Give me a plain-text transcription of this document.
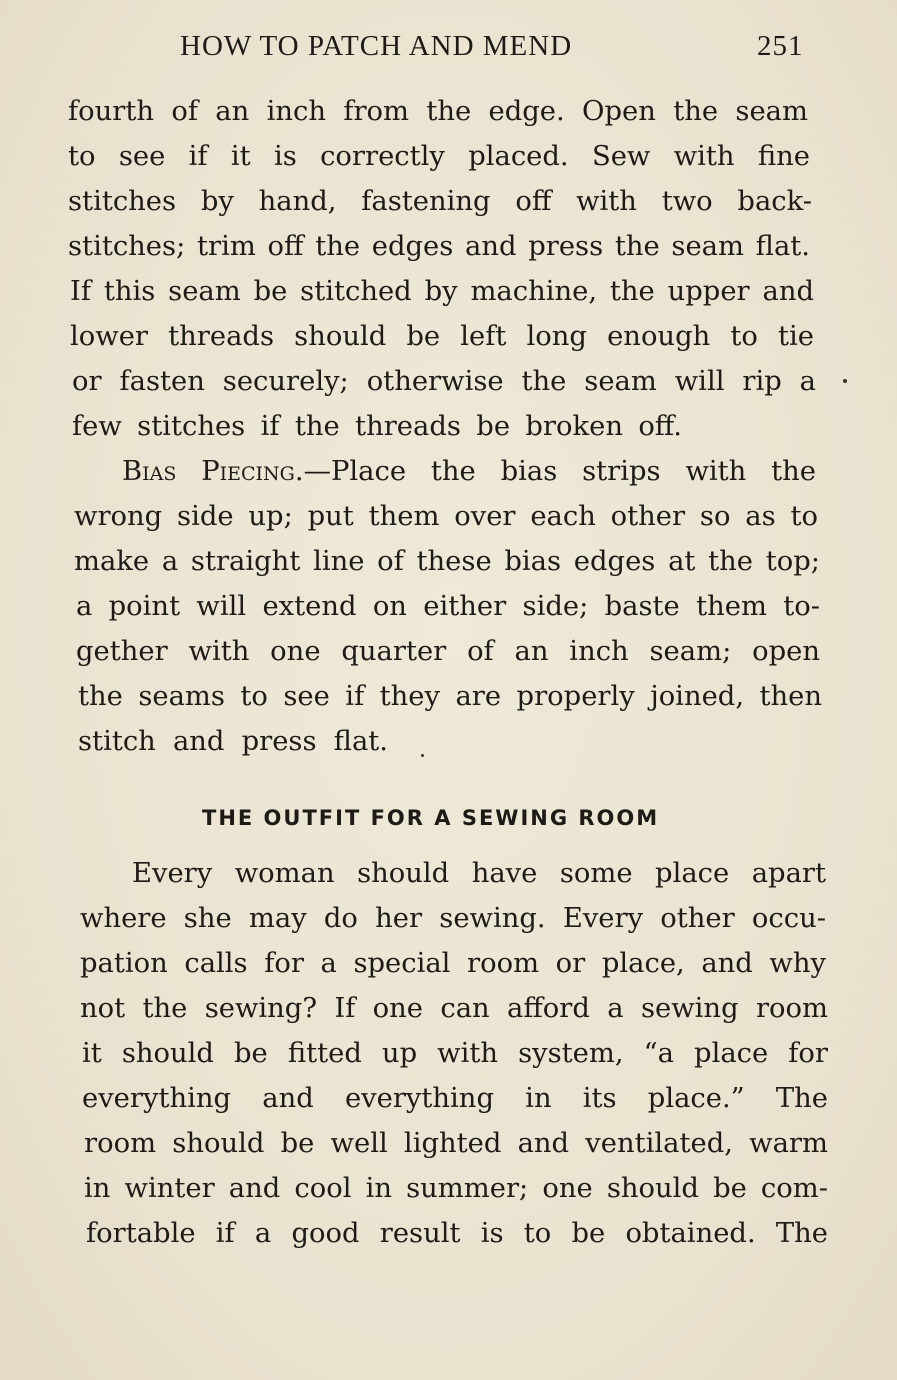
HOW TO PATCH AND MEND	251
fourth of an inch from the edge. Open the seam
to see if it is correctly placed. Sew with fine
stitches by hand, fastening off with two back-
stitches; trim off the edges and press the seam flat.
If this seam be stitched by machine, the upper and
lower threads should be left long enough to tie
or fasten securely; otherwise the seam will rip a
few stitches if the threads be broken off.
Bias Piecing.—Place the bias strips with the
wrong side up; put them over each other so as to
make a straight line of these bias edges at the top;
a point will extend on either side; baste them to-
gether with one quarter of an inch seam; open
the seams to see if they are properly joined, then
stitch and press flat.
THE OUTFIT FOR A SEWING ROOM
Every woman should have some place apart
where she may do her sewing. Every other occu-
pation calls for a special room or place, and why
not the sewing? If one can afford a sewing room
it should be fitted up with system, “a place for
everything and everything in its place.” The
room should be well lighted and ventilated, warm
in winter and cool in summer; one should be com-
fortable if a good result is to be obtained. The
